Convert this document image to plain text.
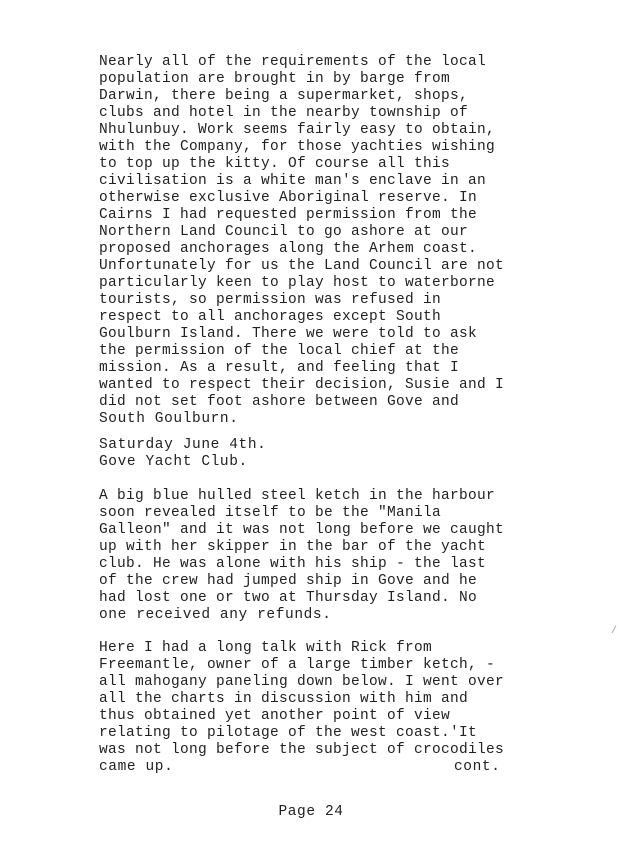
Nearly all of the requirements of the local
population are brought in by barge from
Darwin, there being a supermarket, shops,
clubs and hotel in the nearby township of
Nhulunbuy. Work seems fairly easy to obtain,
with the Company, for those yachties wishing
to top up the kitty. Of course all this
civilisation is a white man's enclave in an
otherwise exclusive Aboriginal reserve. In
Cairns I had requested permission from the
Northern Land Council to go ashore at our
proposed anchorages along the Arhem coast.
Unfortunately for us the Land Council are not
particularly keen to play host to waterborne
tourists, so permission was refused in
respect to all anchorages except South
Goulburn Island. There we were told to ask
the permission of the local chief at the
mission. As a result, and feeling that I
wanted to respect their decision, Susie and I
did not set foot ashore between Gove and
South Goulburn.
Saturday June 4th.
Gove Yacht Club.
A big blue hulled steel ketch in the harbour
soon revealed itself to be the "Manila
Galleon" and it was not long before we caught
up with her skipper in the bar of the yacht
club. He was alone with his ship - the last
of the crew had jumped ship in Gove and he
had lost one or two at Thursday Island. No
one received any refunds.
Here I had a long talk with Rick from
Freemantle, owner of a large timber ketch, -
all mahogany paneling down below. I went over
all the charts in discussion with him and
thus obtained yet another point of view
relating to pilotage of the west coast.'It
was not long before the subject of crocodiles
came up.	cont.
/
Page 24
